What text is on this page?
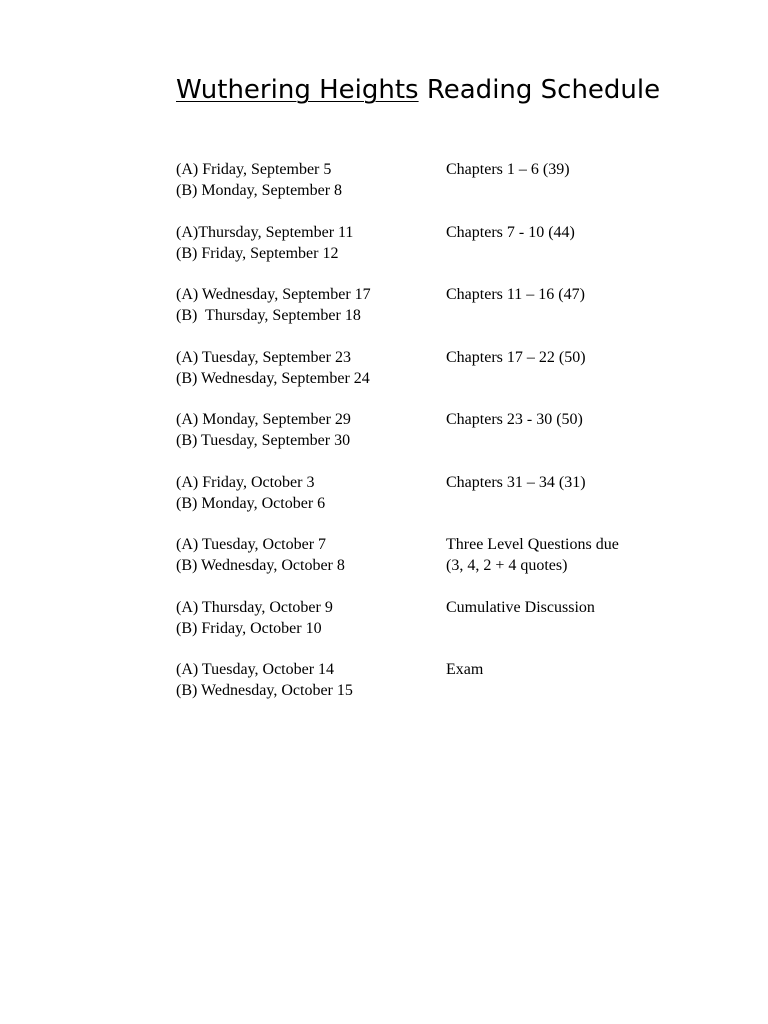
Wuthering Heights Reading Schedule
(A) Friday, September 5
(B) Monday, September 8
Chapters 1 – 6 (39)
(A)Thursday, September 11
(B) Friday, September 12
Chapters 7 - 10 (44)
(A) Wednesday, September 17
(B)  Thursday, September 18
Chapters 11 – 16 (47)
(A) Tuesday, September 23
(B) Wednesday, September 24
Chapters 17 – 22 (50)
(A) Monday, September 29
(B) Tuesday, September 30
Chapters 23 - 30 (50)
(A) Friday, October 3
(B) Monday, October 6
Chapters 31 – 34 (31)
(A) Tuesday, October 7
(B) Wednesday, October 8
Three Level Questions due
(3, 4, 2 + 4 quotes)
(A) Thursday, October 9
(B) Friday, October 10
Cumulative Discussion
(A) Tuesday, October 14
(B) Wednesday, October 15
Exam
